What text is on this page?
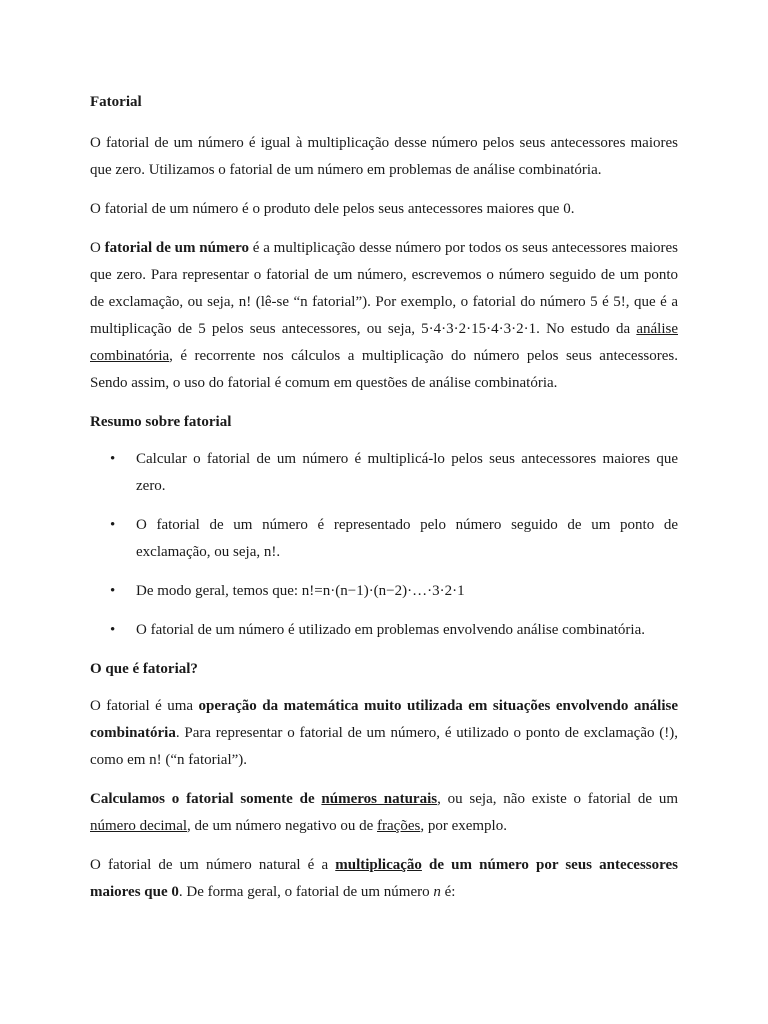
Fatorial

O fatorial de um número é igual à multiplicação desse número pelos seus antecessores maiores que zero. Utilizamos o fatorial de um número em problemas de análise combinatória.

O fatorial de um número é o produto dele pelos seus antecessores maiores que 0.

O fatorial de um número é a multiplicação desse número por todos os seus antecessores maiores que zero. Para representar o fatorial de um número, escrevemos o número seguido de um ponto de exclamação, ou seja, n! (lê-se “n fatorial”). Por exemplo, o fatorial do número 5 é 5!, que é a multiplicação de 5 pelos seus antecessores, ou seja, 5·4·3·2·15·4·3·2·1. No estudo da análise combinatória, é recorrente nos cálculos a multiplicação do número pelos seus antecessores. Sendo assim, o uso do fatorial é comum em questões de análise combinatória.

Resumo sobre fatorial

• Calcular o fatorial de um número é multiplicá-lo pelos seus antecessores maiores que zero.
• O fatorial de um número é representado pelo número seguido de um ponto de exclamação, ou seja, n!.
• De modo geral, temos que: n!=n·(n−1)·(n−2)·…·3·2·1
• O fatorial de um número é utilizado em problemas envolvendo análise combinatória.

O que é fatorial?

O fatorial é uma operação da matemática muito utilizada em situações envolvendo análise combinatória. Para representar o fatorial de um número, é utilizado o ponto de exclamação (!), como em n! (“n fatorial”).

Calculamos o fatorial somente de números naturais, ou seja, não existe o fatorial de um número decimal, de um número negativo ou de frações, por exemplo.

O fatorial de um número natural é a multiplicação de um número por seus antecessores maiores que 0. De forma geral, o fatorial de um número n é:
